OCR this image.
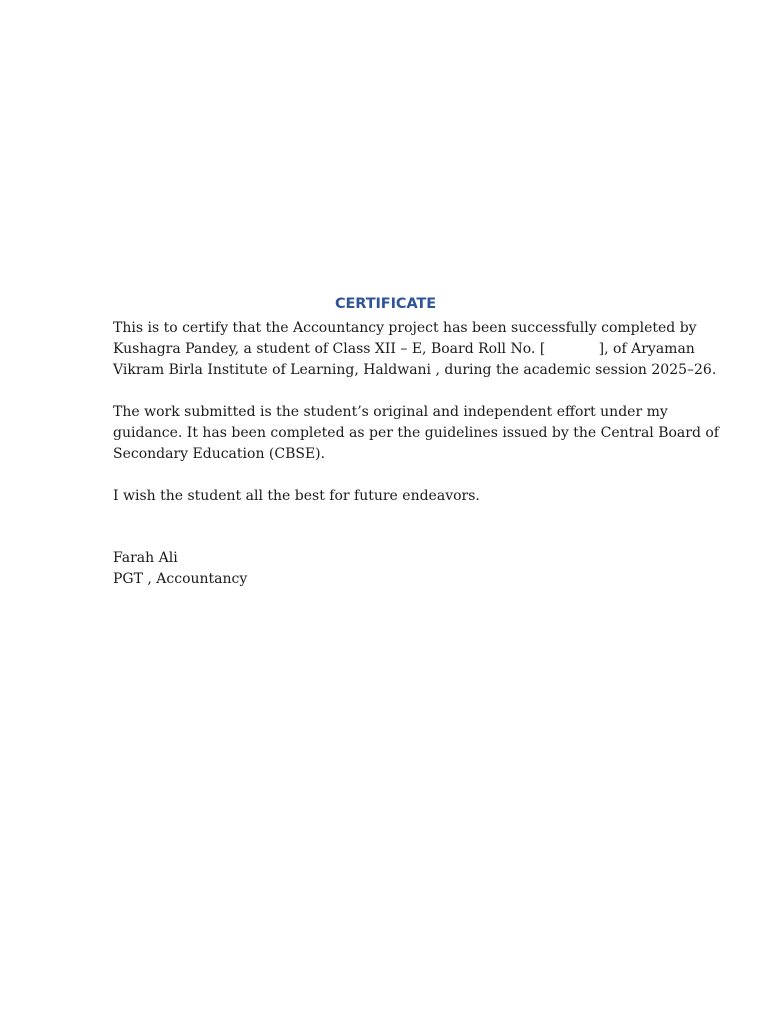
CERTIFICATE

This is to certify that the Accountancy project has been successfully completed by
Kushagra Pandey, a student of Class XII – E, Board Roll No. [            ], of Aryaman
Vikram Birla Institute of Learning, Haldwani , during the academic session 2025–26.

The work submitted is the student’s original and independent effort under my
guidance. It has been completed as per the guidelines issued by the Central Board of
Secondary Education (CBSE).

I wish the student all the best for future endeavors.

Farah Ali
PGT , Accountancy
